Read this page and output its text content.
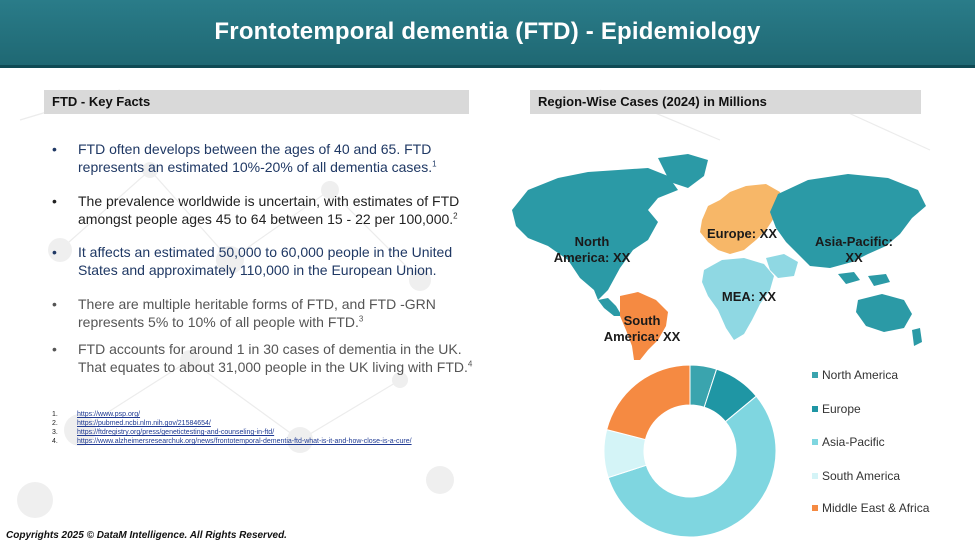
Frontotemporal dementia (FTD) - Epidemiology
FTD - Key Facts	Region-Wise Cases (2024) in Millions
• FTD often develops between the ages of 40 and 65. FTD represents an estimated 10%-20% of all dementia cases.$^1$
• The prevalence worldwide is uncertain, with estimates of FTD amongst people ages 45 to 64 between 15 - 22 per 100,000.$^2$
• It affects an estimated 50,000 to 60,000 people in the United States and approximately 110,000 in the European Union.
• There are multiple heritable forms of FTD, and FTD -GRN represents 5% to 10% of all people with FTD.$^3$
• FTD accounts for around 1 in 30 cases of dementia in the UK. That equates to about 31,000 people in the UK living with FTD.$^4$
1.	https://www.psp.org/
2.	https://pubmed.ncbi.nlm.nih.gov/21584654/
3.	https://ftdregistry.org/press/genetictesting-and-counseling-in-ftd/
4.	https://www.alzheimersresearchuk.org/news/frontotemporal-dementia-ftd-what-is-it-and-how-close-is-a-cure/
North America: XX
Europe: XX
Asia-Pacific: XX
MEA: XX
South America: XX
North America
Europe
Asia-Pacific
South America
Middle East & Africa
Copyrights 2025 © DataM Intelligence. All Rights Reserved.
